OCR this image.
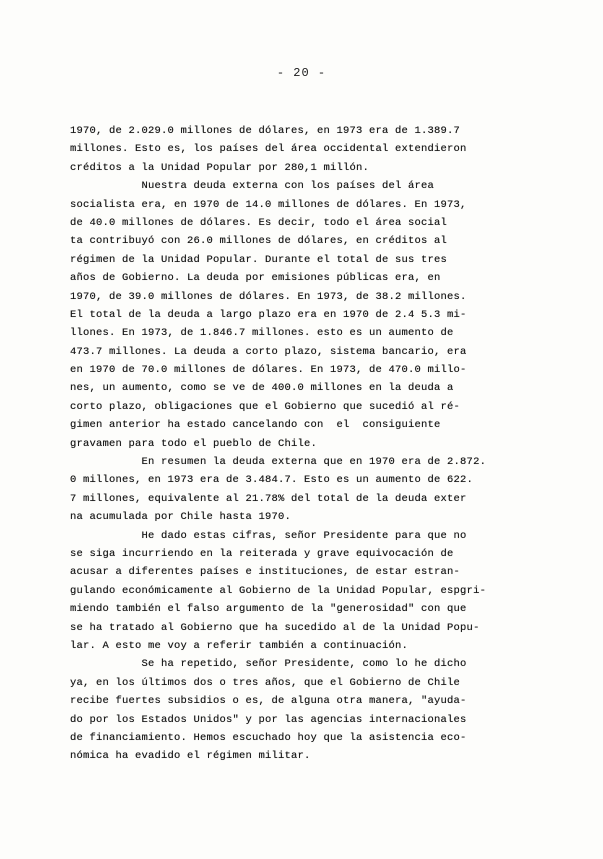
- 20 -
1970, de 2.029.0 millones de dólares, en 1973 era de 1.389.7
millones. Esto es, los países del área occidental extendieron
créditos a la Unidad Popular por 280,1 millón.
Nuestra deuda externa con los países del área
socialista era, en 1970 de 14.0 millones de dólares. En 1973,
de 40.0 millones de dólares. Es decir, todo el área social
ta contribuyó con 26.0 millones de dólares, en créditos al
régimen de la Unidad Popular. Durante el total de sus tres
años de Gobierno. La deuda por emisiones públicas era, en
1970, de 39.0 millones de dólares. En 1973, de 38.2 millones.
El total de la deuda a largo plazo era en 1970 de 2.4 5.3 mi-
llones. En 1973, de 1.846.7 millones. esto es un aumento de
473.7 millones. La deuda a corto plazo, sistema bancario, era
en 1970 de 70.0 millones de dólares. En 1973, de 470.0 millo-
nes, un aumento, como se ve de 400.0 millones en la deuda a
corto plazo, obligaciones que el Gobierno que sucedió al ré-
gimen anterior ha estado cancelando con  el  consiguiente
gravamen para todo el pueblo de Chile.
En resumen la deuda externa que en 1970 era de 2.872.
0 millones, en 1973 era de 3.484.7. Esto es un aumento de 622.
7 millones, equivalente al 21.78% del total de la deuda exter
na acumulada por Chile hasta 1970.
He dado estas cifras, señor Presidente para que no
se siga incurriendo en la reiterada y grave equivocación de
acusar a diferentes países e instituciones, de estar estran-
gulando económicamente al Gobierno de la Unidad Popular, espgri-
miendo también el falso argumento de la "generosidad" con que
se ha tratado al Gobierno que ha sucedido al de la Unidad Popu-
lar. A esto me voy a referir también a continuación.
Se ha repetido, señor Presidente, como lo he dicho
ya, en los últimos dos o tres años, que el Gobierno de Chile
recibe fuertes subsidios o es, de alguna otra manera, "ayuda-
do por los Estados Unidos" y por las agencias internacionales
de financiamiento. Hemos escuchado hoy que la asistencia eco-
nómica ha evadido el régimen militar.
